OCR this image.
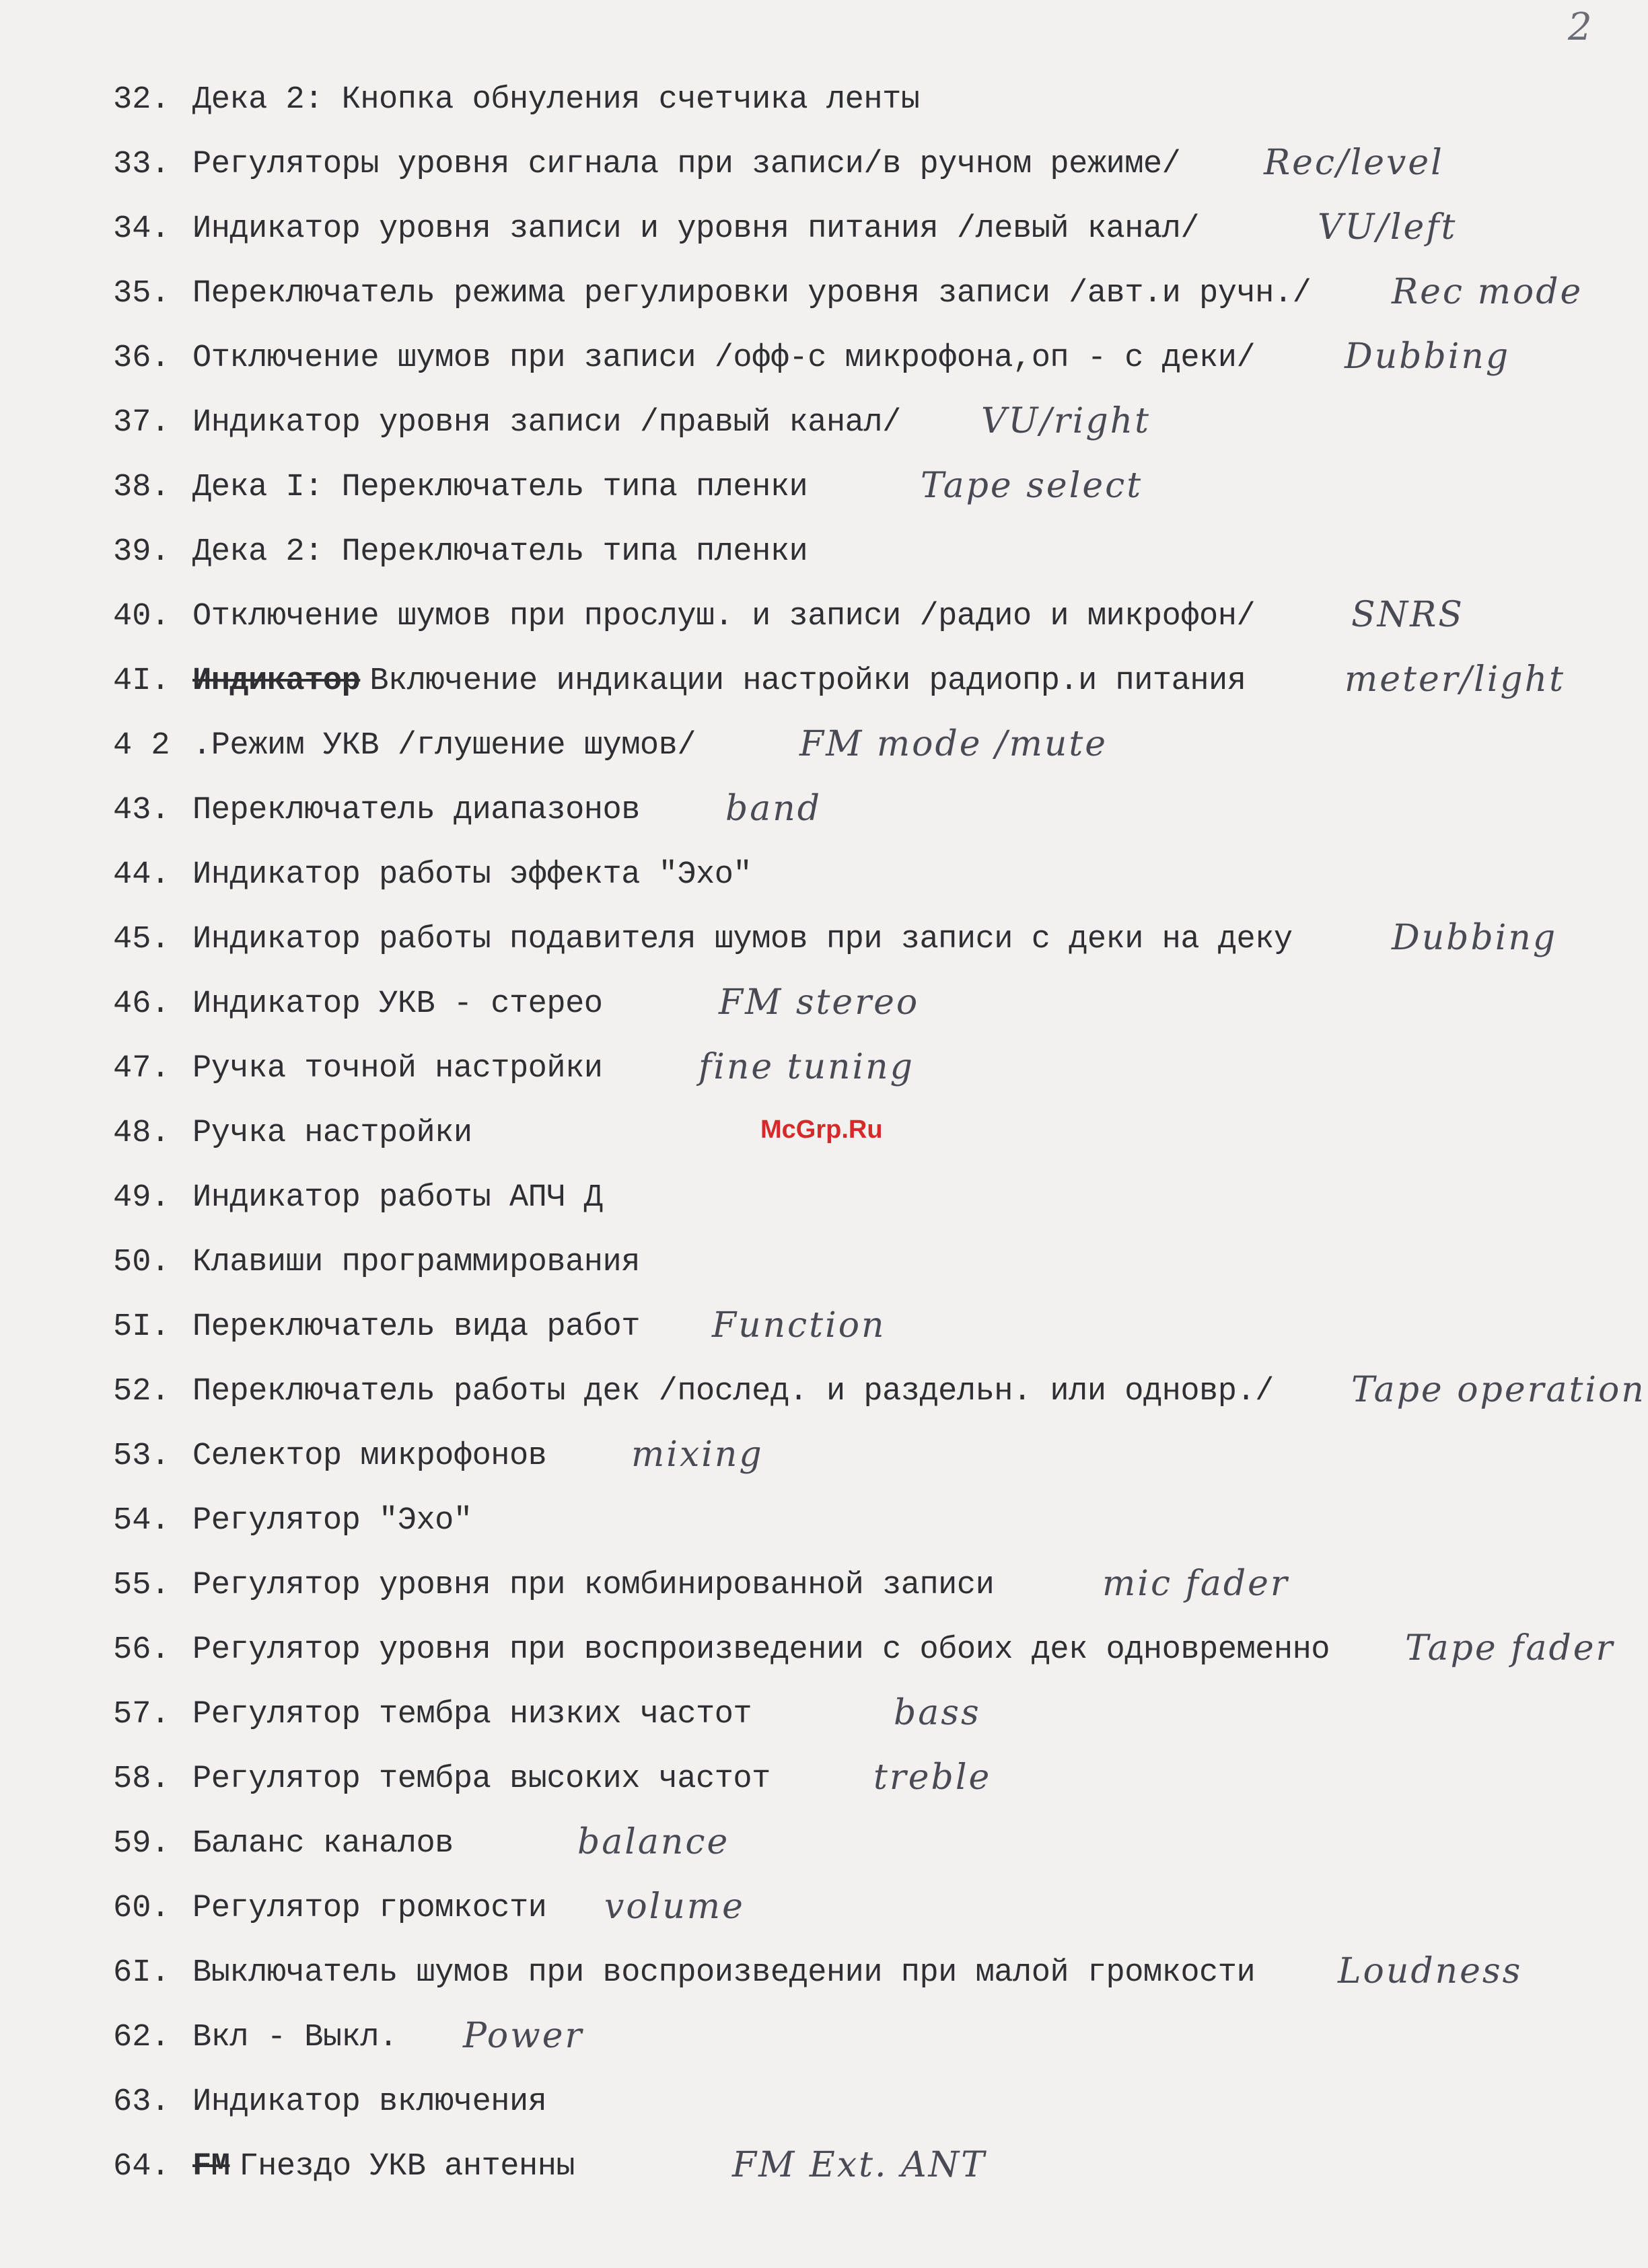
2
McGrp.Ru
32. Дека 2: Кнопка обнуления счетчика ленты
33. Регуляторы уровня сигнала при записи/в ручном режиме/ Rec/level
34. Индикатор уровня записи и уровня питания /левый канал/	VU/left
35. Переключатель режима регулировки уровня записи /авт.и ручн./ Rec mode
36. Отключение шумов при записи /офф-с микрофона,оп - с деки/	Dubbing
37. Индикатор уровня записи /правый канал/ VU/right
38. Дека I: Переключатель типа пленки	Tape select
39. Дека 2: Переключатель типа пленки
40. Отключение шумов при прослуш. и записи /радио и микрофон/	SNRS
4I. Индикатор Включение индикации настройки радиопр.и питания	meter/light
4 2 .Режим УКВ /глушение шумов/	FM mode /mute
43. Переключатель диапазонов band
44. Индикатор работы эффекта "Эхо"
45. Индикатор работы подавителя шумов при записи с деки на деку	Dubbing
46. Индикатор УКВ - стерео	FM stereo
47. Ручка точной настройки	fine tuning
48. Ручка настройки
49. Индикатор работы АПЧ Д
50. Клавиши программирования
5I. Переключатель вида работ Function
52. Переключатель работы дек /послед. и раздельн. или одновр./ Tape operation
53. Селектор микрофонов mixing
54. Регулятор "Эхо"
55. Регулятор уровня при комбинированной записи	mic fader
56. Регулятор уровня при воспроизведении с обоих дек одновременно Tape fader
57. Регулятор тембра низких частот	bass
58. Регулятор тембра высоких частот	treble
59. Баланс каналов	balance
60. Регулятор громкости volume
6I. Выключатель шумов при воспроизведении при малой громкости Loudness
62. Вкл - Выкл. Power
63. Индикатор включения
64. FM Гнездо УКВ антенны	FM Ext. ANT
